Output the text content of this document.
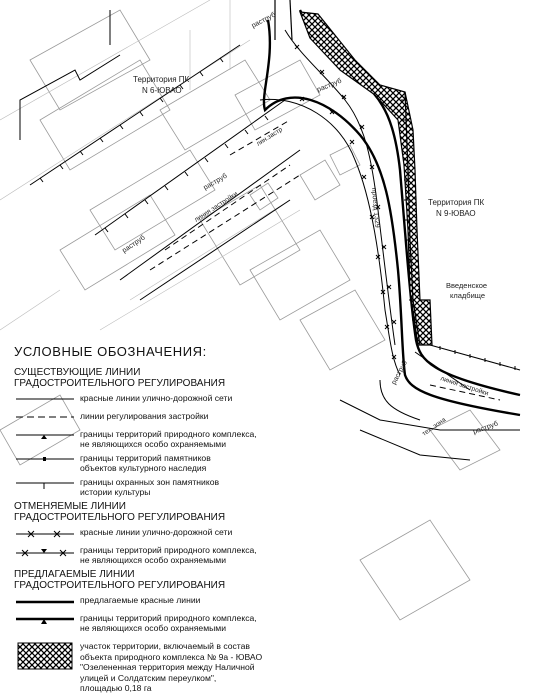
Территория ПК
N 6-ЮВАО
Территория ПК
N 9-ЮВАО
Введенское
кладбище
раструб
раструб
раструб
раструб
раструб
раструб
лин.застр
линия застройки
линия застройки
проезд 1329
тех. зона
УСЛОВНЫЕ ОБОЗНАЧЕНИЯ:
СУЩЕСТВУЮЩИЕ ЛИНИИ
ГРАДОСТРОИТЕЛЬНОГО РЕГУЛИРОВАНИЯ
красные линии улично-дорожной сети
линии регулирования застройки
границы территорий природного комплекса,
не являющихся особо охраняемыми
границы территорий памятников
объектов культурного наследия
границы охранных зон памятников
истории культуры
ОТМЕНЯЕМЫЕ ЛИНИИ
ГРАДОСТРОИТЕЛЬНОГО РЕГУЛИРОВАНИЯ
красные линии улично-дорожной сети
границы территорий природного комплекса,
не являющихся особо охраняемыми
ПРЕДЛАГАЕМЫЕ ЛИНИИ
ГРАДОСТРОИТЕЛЬНОГО РЕГУЛИРОВАНИЯ
предлагаемые красные линии
границы территорий природного комплекса,
не являющихся особо охраняемыми
участок территории, включаемый в состав
объекта природного комплекса № 9а - ЮВАО
"Озелененная территория между Наличной
улицей и Солдатским переулком",
площадью 0,18 га
